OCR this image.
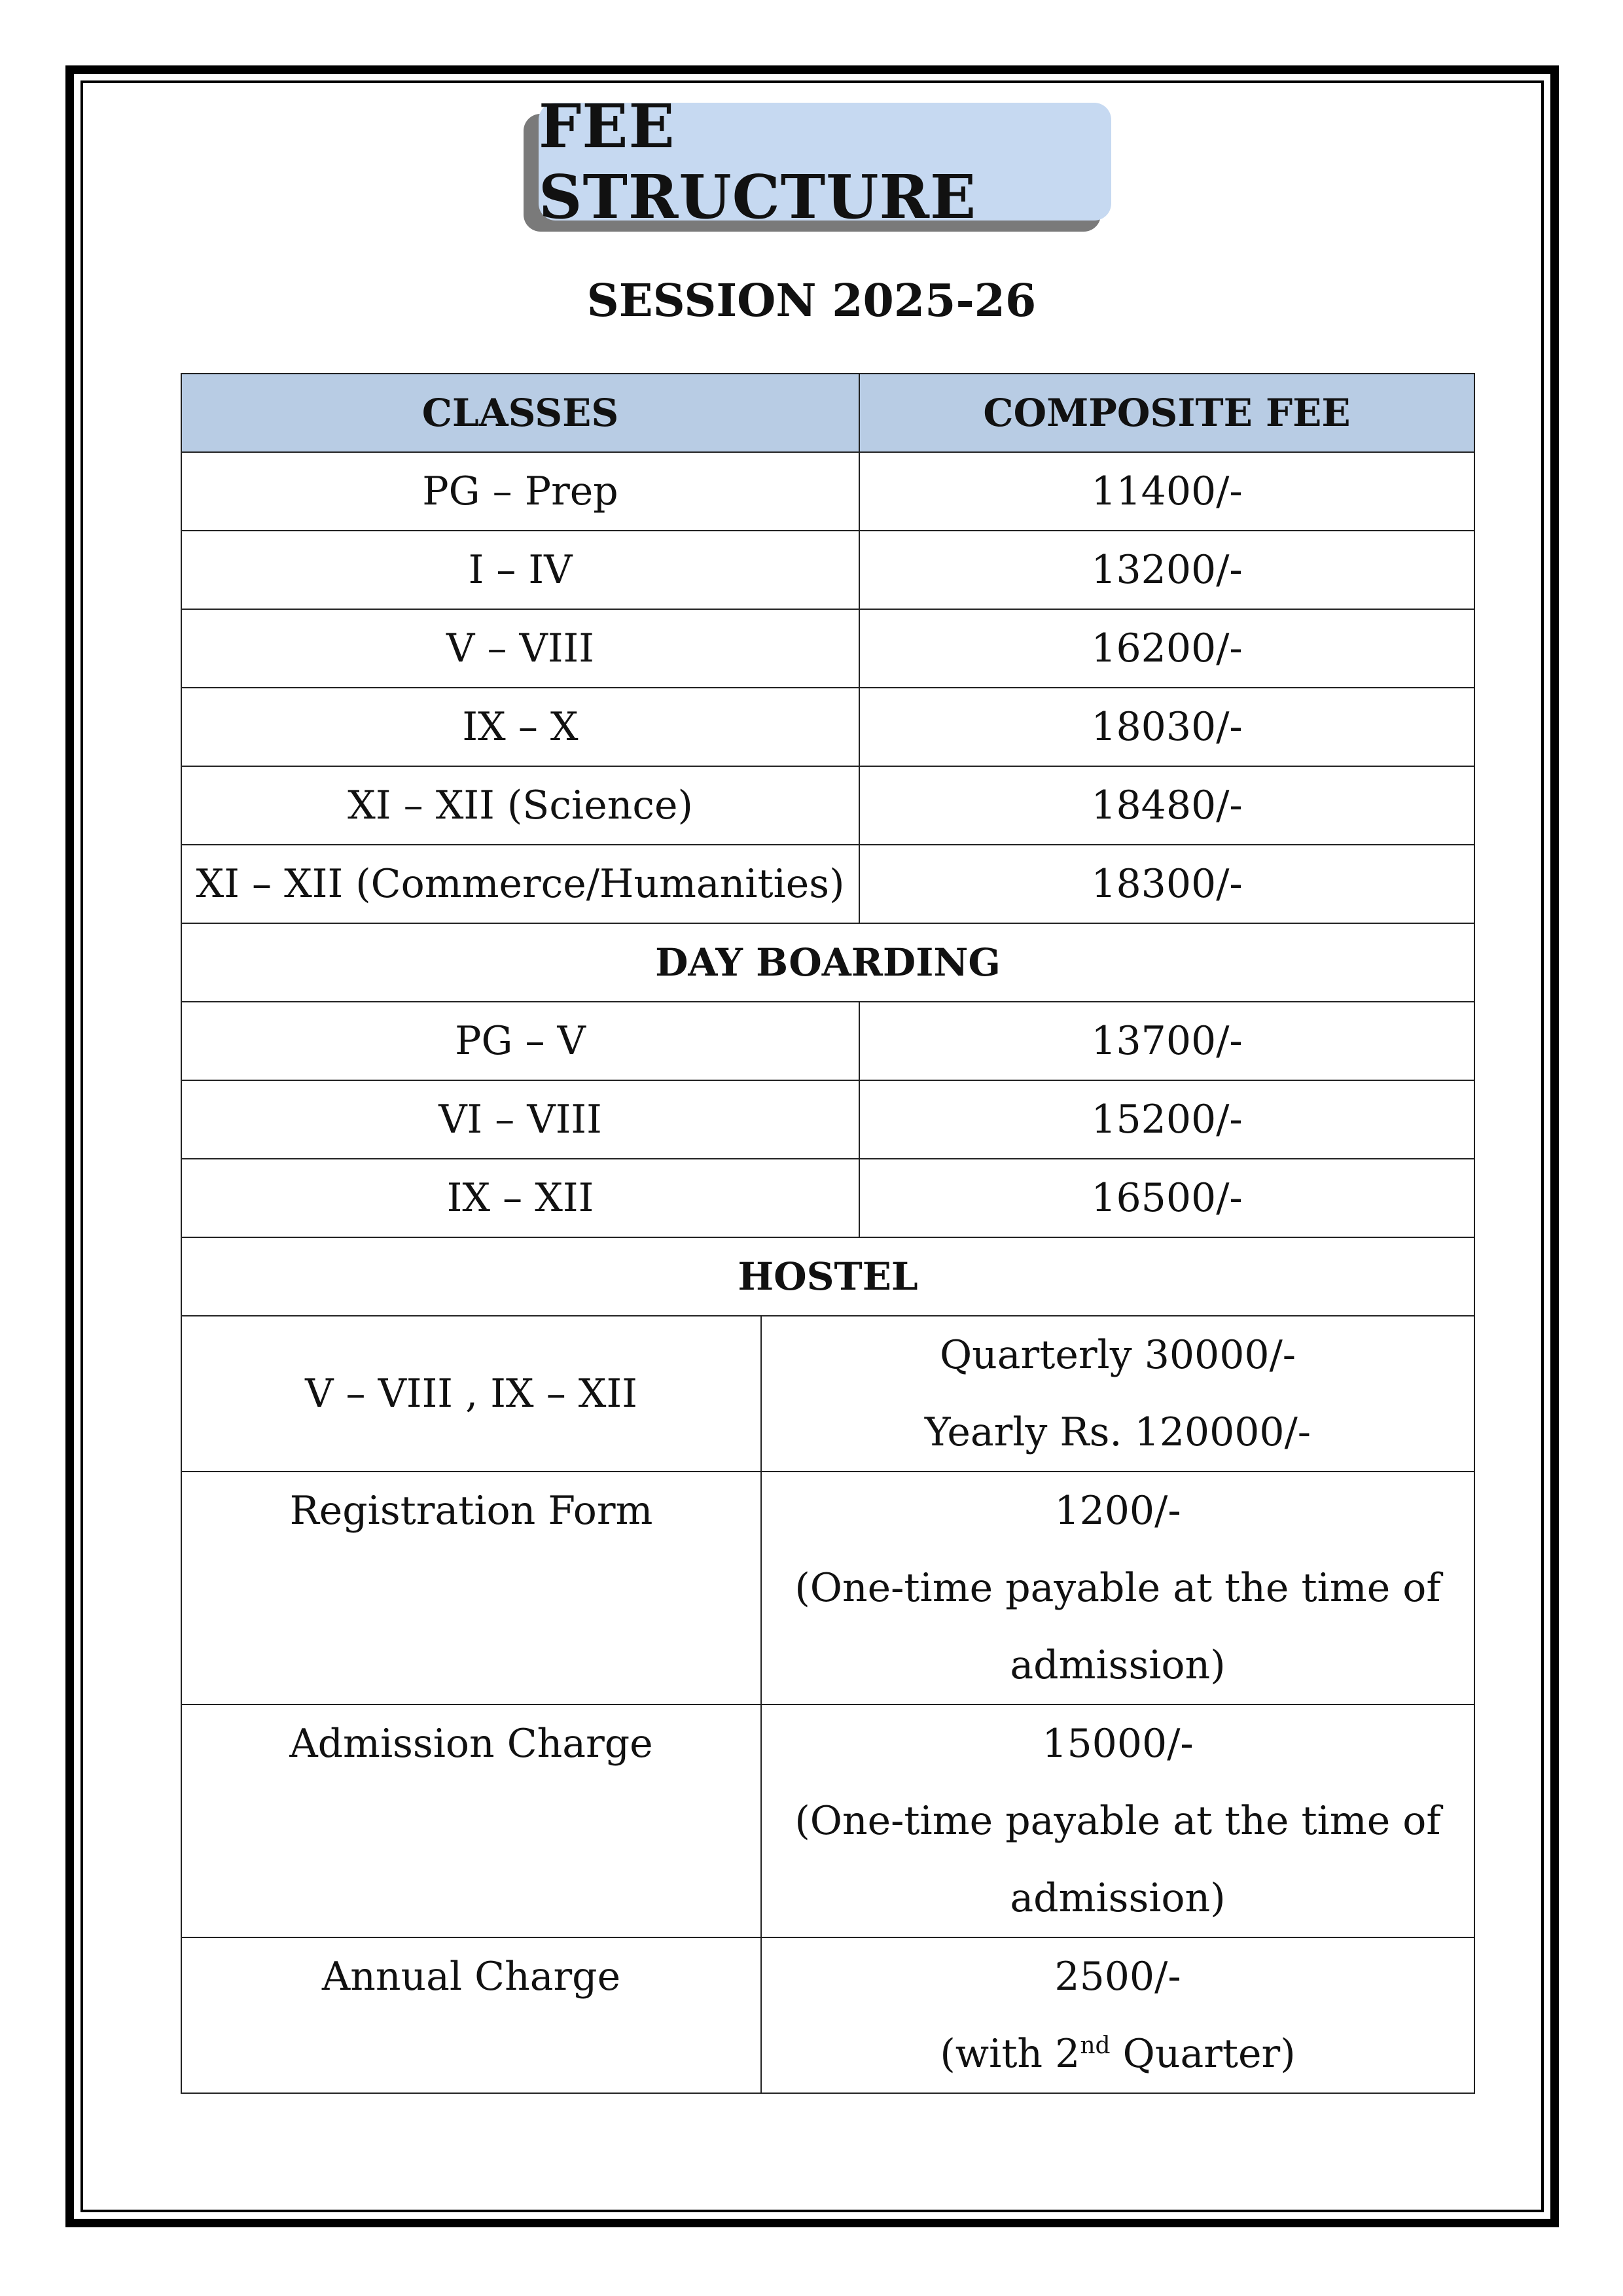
FEE STRUCTURE
SESSION 2025-26
CLASSES		COMPOSITE FEE
PG – Prep		11400/-
I – IV		13200/-
V – VIII		16200/-
IX – X		18030/-
XI – XII (Science)		18480/-
XI – XII (Commerce/Humanities)		18300/-
DAY BOARDING		
PG – V		13700/-
VI – VIII		15200/-
IX – XII		16500/-
HOSTEL		
V – VIII , IX – XII	Quarterly 30000/-
Yearly Rs. 120000/-	

Registration Form	1200/-
(One-time payable at the time of
admission)	

Admission Charge	15000/-
(One-time payable at the time of
admission)	

Annual Charge	2500/-
(with 2nd Quarter)	
